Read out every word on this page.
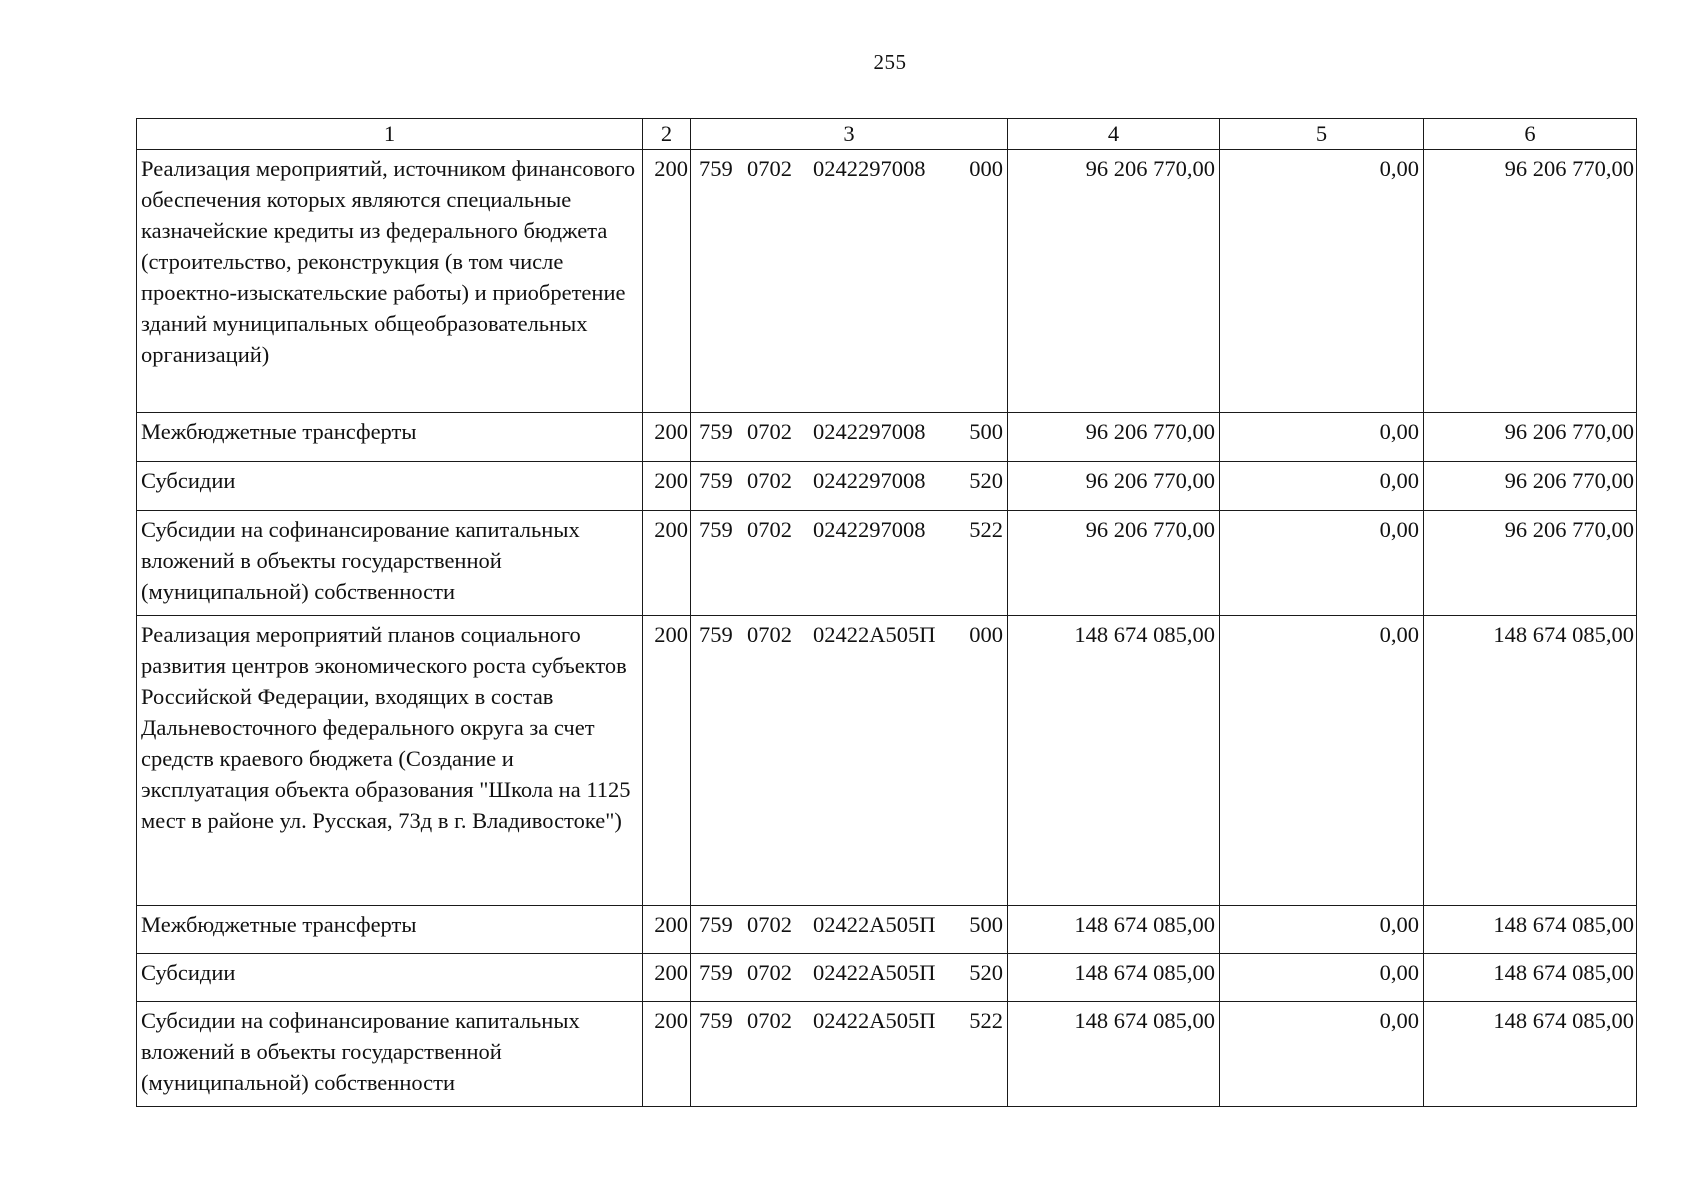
255
1	2	3	4	5	6
Реализация мероприятий, источником финансового обеспечения которых являются специальные казначейские кредиты из федерального бюджета (строительство, реконструкция (в том числе проектно-изыскательские работы) и приобретение зданий муниципальных общеобразовательных организаций)	200	759 0702 0242297008 000	96 206 770,00	0,00	96 206 770,00
Межбюджетные трансферты	200	759 0702 0242297008 500	96 206 770,00	0,00	96 206 770,00
Субсидии	200	759 0702 0242297008 520	96 206 770,00	0,00	96 206 770,00
Субсидии на софинансирование капитальных вложений в объекты государственной (муниципальной) собственности	200	759 0702 0242297008 522	96 206 770,00	0,00	96 206 770,00
Реализация мероприятий планов социального развития центров экономического роста субъектов Российской Федерации, входящих в состав Дальневосточного федерального округа за счет средств краевого бюджета (Создание и эксплуатация объекта образования "Школа на 1125 мест в районе ул. Русская, 73д в г. Владивостоке")	200	759 0702 02422A505П 000	148 674 085,00	0,00	148 674 085,00
Межбюджетные трансферты	200	759 0702 02422A505П 500	148 674 085,00	0,00	148 674 085,00
Субсидии	200	759 0702 02422A505П 520	148 674 085,00	0,00	148 674 085,00
Субсидии на софинансирование капитальных вложений в объекты государственной (муниципальной) собственности	200	759 0702 02422A505П 522	148 674 085,00	0,00	148 674 085,00
